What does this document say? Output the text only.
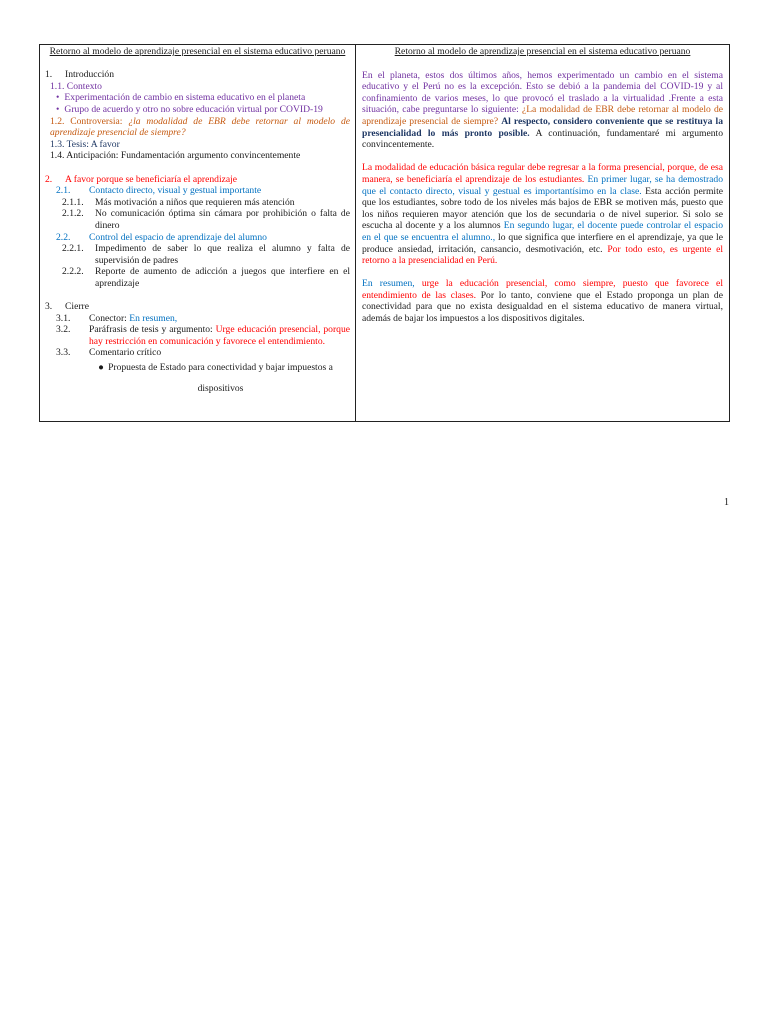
Retorno al modelo de aprendizaje presencial en el sistema educativo peruano

1. Introducción
1.1. Contexto
• Experimentación de cambio en sistema educativo en el planeta
• Grupo de acuerdo y otro no sobre educación virtual por COVID-19
1.2. Controversia: ¿la modalidad de EBR debe retornar al modelo de aprendizaje presencial de siempre?
1.3. Tesis: A favor
1.4. Anticipación: Fundamentación argumento convincentemente
2. A favor porque se beneficiaría el aprendizaje
2.1. Contacto directo, visual y gestual importante
2.1.1.	Más motivación a niños que requieren más atención
2.1.2.	No comunicación óptima sin cámara por prohibición o falta de dinero
2.2. Control del espacio de aprendizaje del alumno
2.2.1.	Impedimento de saber lo que realiza el alumno y falta de supervisión de padres
2.2.2.	Reporte de aumento de adicción a juegos que interfiere en el aprendizaje
3. Cierre
3.1. Conector: En resumen,
3.2.	Paráfrasis de tesis y argumento: Urge educación presencial, porque hay restricción en comunicación y favorece el entendimiento.
3.3. Comentario crítico
● Propuesta de Estado para conectividad y bajar impuestos a dispositivos

Retorno al modelo de aprendizaje presencial en el sistema educativo peruano

En el planeta, estos dos últimos años, hemos experimentado un cambio en el sistema educativo y el Perú no es la excepción. Esto se debió a la pandemia del COVID-19 y al confinamiento de varios meses, lo que provocó el traslado a la virtualidad .Frente a esta situación, cabe preguntarse lo siguiente: ¿La modalidad de EBR debe retornar al modelo de aprendizaje presencial de siempre? Al respecto, considero conveniente que se restituya la presencialidad lo más pronto posible. A continuación, fundamentaré mi argumento convincentemente.
La modalidad de educación básica regular debe regresar a la forma presencial, porque, de esa manera, se beneficiaría el aprendizaje de los estudiantes. En primer lugar, se ha demostrado que el contacto directo, visual y gestual es importantísimo en la clase. Esta acción permite que los estudiantes, sobre todo de los niveles más bajos de EBR se motiven más, puesto que los niños requieren mayor atención que los de secundaria o de nivel superior. Si solo se escucha al docente y a los alumnos En segundo lugar, el docente puede controlar el espacio en el que se encuentra el alumno., lo que significa que interfiere en el aprendizaje, ya que le produce ansiedad, irritación, cansancio, desmotivación, etc. Por todo esto, es urgente el retorno a la presencialidad en Perú.
En resumen, urge la educación presencial, como siempre, puesto que favorece el entendimiento de las clases. Por lo tanto, conviene que el Estado proponga un plan de conectividad para que no exista desigualdad en el sistema educativo de manera virtual, además de bajar los impuestos a los dispositivos digitales.
1
